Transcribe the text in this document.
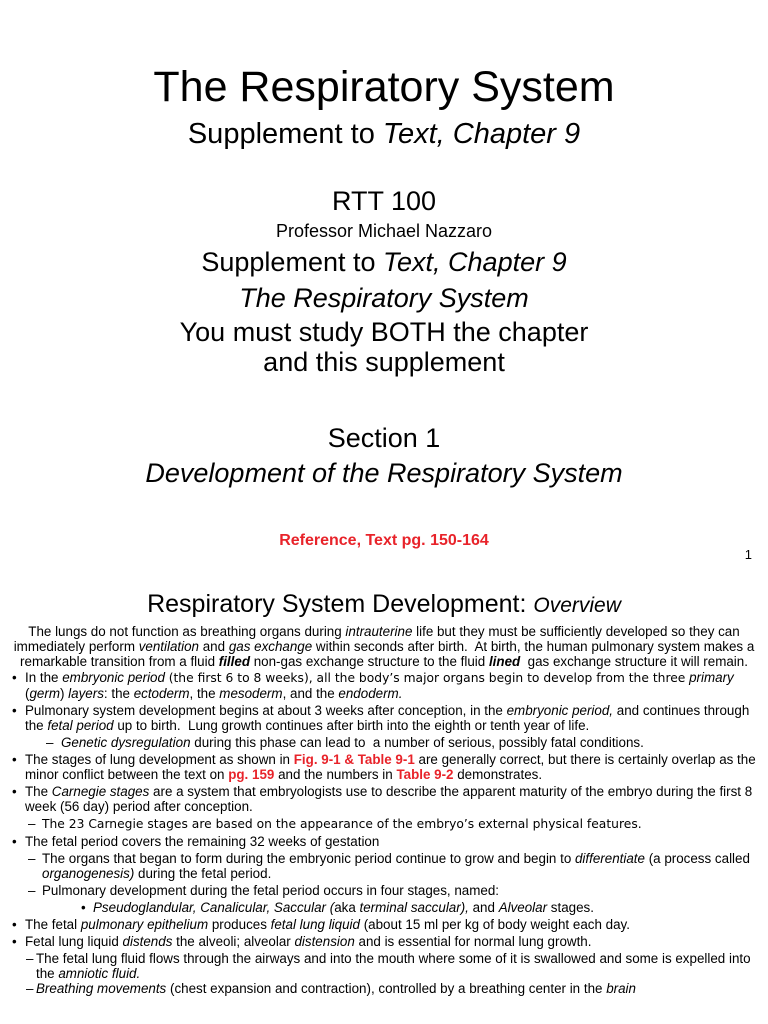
The Respiratory System

Supplement to Text, Chapter 9

RTT 100

Professor Michael Nazzaro

Supplement to Text, Chapter 9

The Respiratory System

You must study BOTH the chapter
and this supplement

Section 1

Development of the Respiratory System

Reference, Text pg. 150-164

1
Respiratory System Development: Overview

The lungs do not function as breathing organs during intrauterine life but they must be sufficiently developed so they can immediately perform ventilation and gas exchange within seconds after birth.  At birth, the human pulmonary system makes a remarkable transition from a fluid filled non-gas exchange structure to the fluid lined  gas exchange structure it will remain.

• In the embryonic period (the first 6 to 8 weeks), all the body’s major organs begin to develop from the three primary (germ) layers: the ectoderm, the mesoderm, and the endoderm.
• Pulmonary system development begins at about 3 weeks after conception, in the embryonic period, and continues through the fetal period up to birth.  Lung growth continues after birth into the eighth or tenth year of life.
– Genetic dysregulation during this phase can lead to  a number of serious, possibly fatal conditions.
• The stages of lung development as shown in Fig. 9-1 & Table 9-1 are generally correct, but there is certainly overlap as the minor conflict between the text on pg. 159 and the numbers in Table 9-2 demonstrates.
• The Carnegie stages are a system that embryologists use to describe the apparent maturity of the embryo during the first 8 week (56 day) period after conception.
– The 23 Carnegie stages are based on the appearance of the embryo’s external physical features.
• The fetal period covers the remaining 32 weeks of gestation
– The organs that began to form during the embryonic period continue to grow and begin to differentiate (a process called organogenesis) during the fetal period.
– Pulmonary development during the fetal period occurs in four stages, named:
• Pseudoglandular, Canalicular, Saccular (aka terminal saccular), and Alveolar stages.
• The fetal pulmonary epithelium produces fetal lung liquid (about 15 ml per kg of body weight each day.
• Fetal lung liquid distends the alveoli; alveolar distension and is essential for normal lung growth.
– The fetal lung fluid flows through the airways and into the mouth where some of it is swallowed and some is expelled into the amniotic fluid.
– Breathing movements (chest expansion and contraction), controlled by a breathing center in the brain
